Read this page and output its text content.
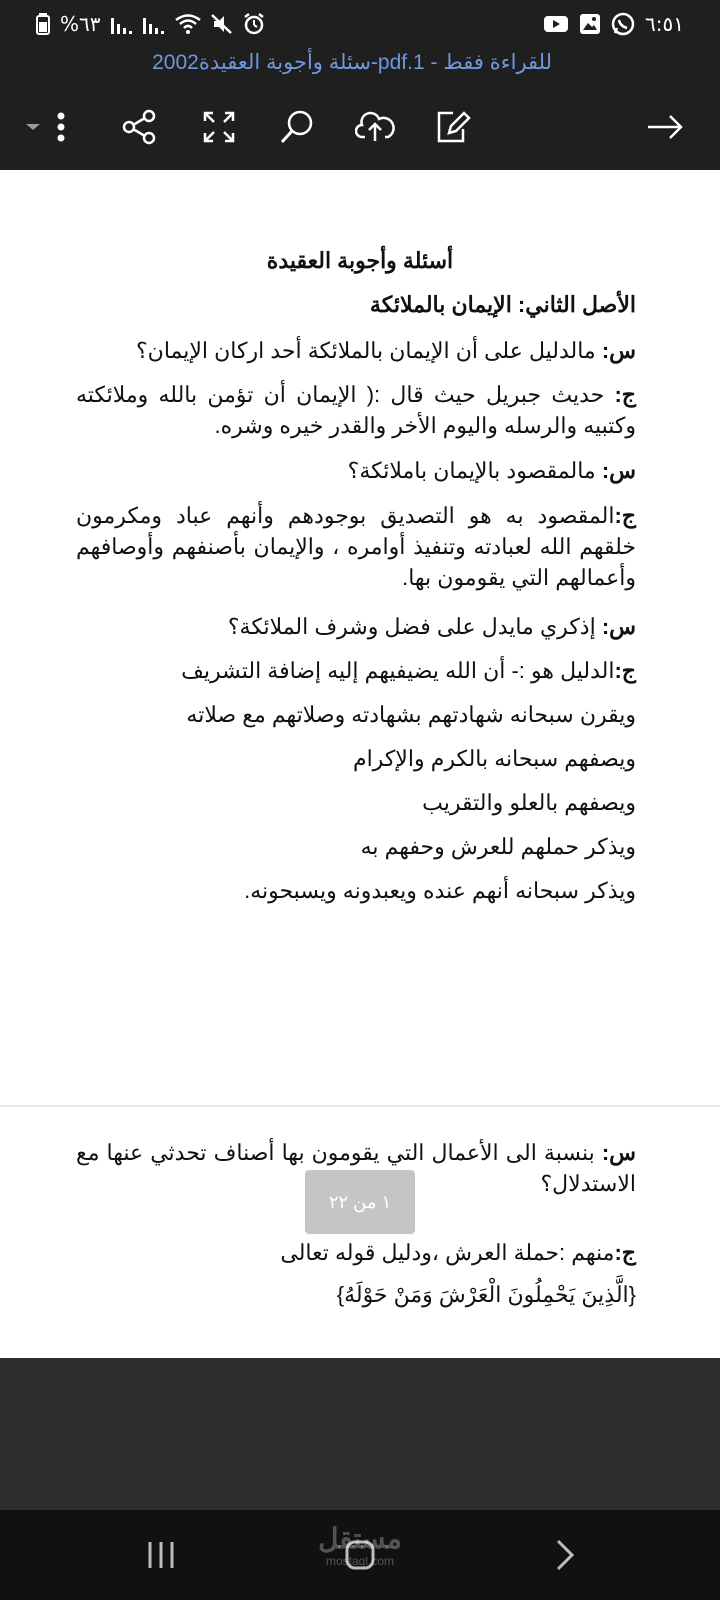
%٦٣	٦:٥١
2002سئلة وأجوبة العقيدة-pdf.1 - للقراءة فقط
أسئلة وأجوبة العقيدة
الأصل الثاني: الإيمان بالملائكة
س: مالدليل على أن الإيمان بالملائكة أحد اركان الإيمان؟
ج: حديث جبريل حيث قال :( الإيمان أن تؤمن بالله وملائكته وكتبيه والرسله واليوم الأخر والقدر خيره وشره.
س: مالمقصود بالإيمان باملائكة؟
ج:المقصود به هو التصديق بوجودهم وأنهم عباد ومكرمون خلقهم الله لعبادته وتنفيذ أوامره ، والإيمان بأصنفهم وأوصافهم وأعمالهم التي يقومون بها.
س: إذكري مايدل على فضل وشرف الملائكة؟
ج:الدليل هو :- أن الله يضيفيهم إليه إضافة التشريف
ويقرن سبحانه شهادتهم بشهادته وصلاتهم مع صلاته
ويصفهم سبحانه بالكرم والإكرام
ويصفهم بالعلو والتقريب
ويذكر حملهم للعرش وحفهم به
ويذكر سبحانه أنهم عنده ويعبدونه ويسبحونه.
س: بنسبة الى الأعمال التي يقومون بها أصناف تحدثي عنها مع الاستدلال؟
ج:منهم :حملة العرش ،ودليل قوله تعالى
{الَّذِينَ يَحْمِلُونَ الْعَرْشَ وَمَنْ حَوْلَهُ}
١ من ٢٢
مستقل
mostaql.com
